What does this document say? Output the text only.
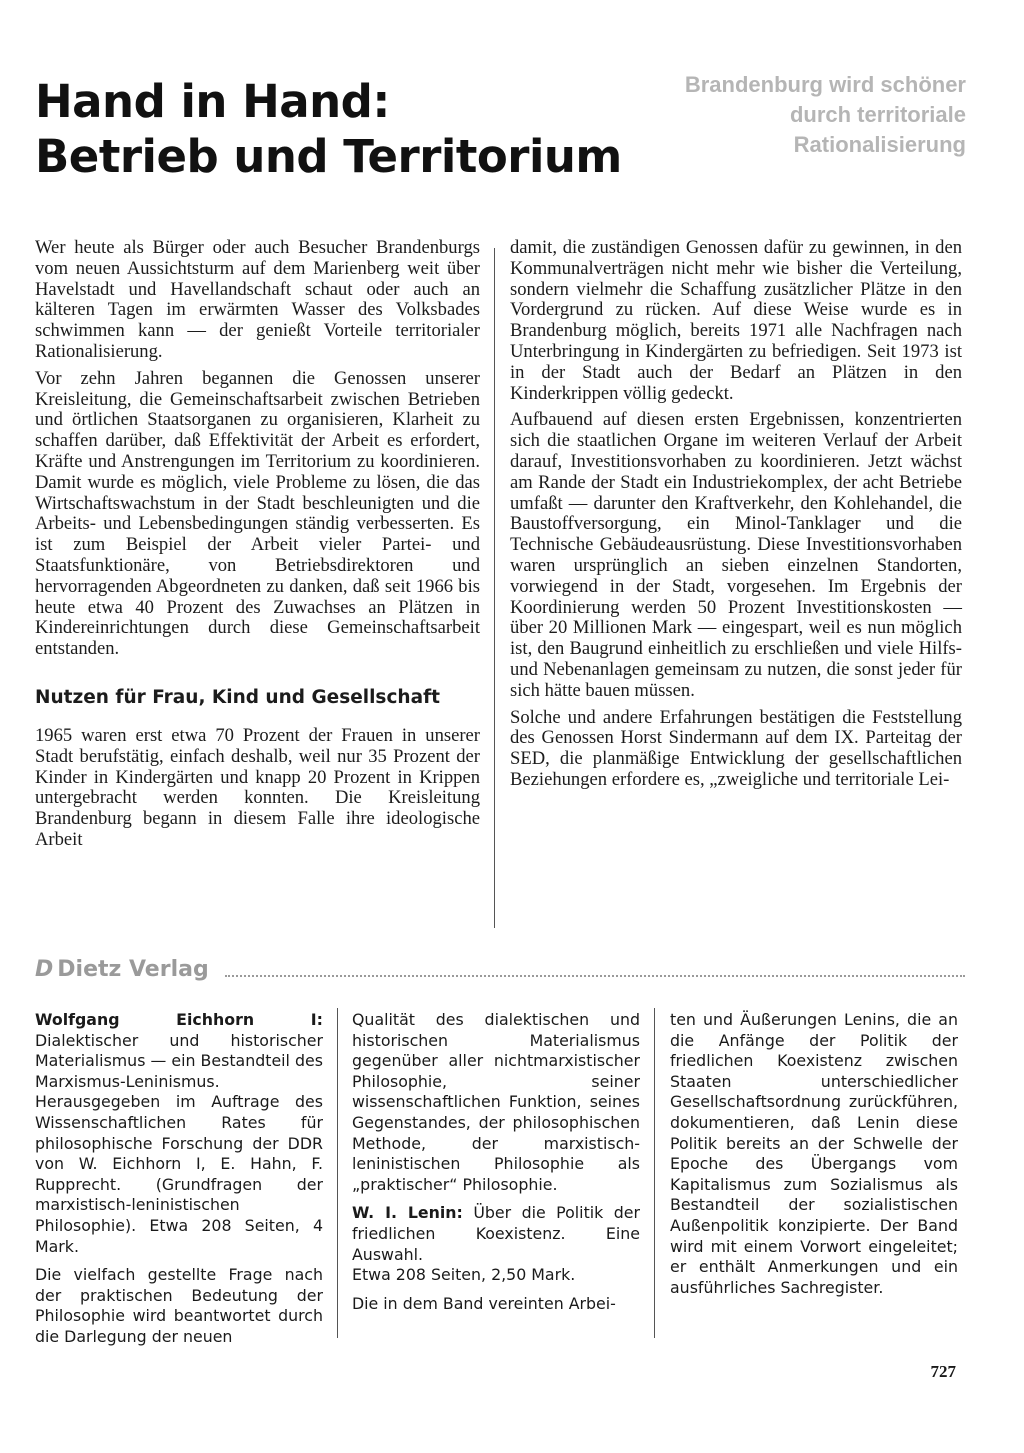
Hand in Hand:
Betrieb und Territorium
Brandenburg wird schöner
durch territoriale
Rationalisierung

Wer heute als Bürger oder auch Besucher Brandenburgs vom neuen Aussichtsturm auf dem Marienberg weit über Havelstadt und Havellandschaft schaut oder auch an kälteren Tagen im erwärmten Wasser des Volksbades schwimmen kann — der genießt Vorteile territorialer Rationalisierung.

Vor zehn Jahren begannen die Genossen unserer Kreisleitung, die Gemeinschaftsarbeit zwischen Betrieben und örtlichen Staatsorganen zu organisieren, Klarheit zu schaffen darüber, daß Effektivität der Arbeit es erfordert, Kräfte und Anstrengungen im Territorium zu koordinieren. Damit wurde es möglich, viele Probleme zu lösen, die das Wirtschaftswachstum in der Stadt beschleunigten und die Arbeits- und Lebensbedingungen ständig verbesserten. Es ist zum Beispiel der Arbeit vieler Partei- und Staatsfunktionäre, von Betriebsdirektoren und hervorragenden Abgeordneten zu danken, daß seit 1966 bis heute etwa 40 Prozent des Zuwachses an Plätzen in Kindereinrichtungen durch diese Gemeinschaftsarbeit entstanden.

Nutzen für Frau, Kind und Gesellschaft

1965 waren erst etwa 70 Prozent der Frauen in unserer Stadt berufstätig, einfach deshalb, weil nur 35 Prozent der Kinder in Kindergärten und knapp 20 Prozent in Krippen untergebracht werden konnten. Die Kreisleitung Brandenburg begann in diesem Falle ihre ideologische Arbeit

damit, die zuständigen Genossen dafür zu gewinnen, in den Kommunalverträgen nicht mehr wie bisher die Verteilung, sondern vielmehr die Schaffung zusätzlicher Plätze in den Vordergrund zu rücken. Auf diese Weise wurde es in Brandenburg möglich, bereits 1971 alle Nachfragen nach Unterbringung in Kindergärten zu befriedigen. Seit 1973 ist in der Stadt auch der Bedarf an Plätzen in den Kinderkrippen völlig gedeckt.

Aufbauend auf diesen ersten Ergebnissen, konzentrierten sich die staatlichen Organe im weiteren Verlauf der Arbeit darauf, Investitionsvorhaben zu koordinieren. Jetzt wächst am Rande der Stadt ein Industriekomplex, der acht Betriebe umfaßt — darunter den Kraftverkehr, den Kohlehandel, die Baustoffversorgung, ein Minol-Tanklager und die Technische Gebäudeausrüstung. Diese Investitionsvorhaben waren ursprünglich an sieben einzelnen Standorten, vorwiegend in der Stadt, vorgesehen. Im Ergebnis der Koordinierung werden 50 Prozent Investitionskosten — über 20 Millionen Mark — eingespart, weil es nun möglich ist, den Baugrund einheitlich zu erschließen und viele Hilfs- und Nebenanlagen gemeinsam zu nutzen, die sonst jeder für sich hätte bauen müssen.

Solche und andere Erfahrungen bestätigen die Feststellung des Genossen Horst Sindermann auf dem IX. Parteitag der SED, die planmäßige Entwicklung der gesellschaftlichen Beziehungen erfordere es, „zweigliche und territoriale Lei-

D Dietz Verlag

Wolfgang Eichhorn I: Dialektischer und historischer Materialismus — ein Bestandteil des Marxismus-Leninismus. Herausgegeben im Auftrage des Wissenschaftlichen Rates für philosophische Forschung der DDR von W. Eichhorn I, E. Hahn, F. Rupprecht. (Grundfragen der marxistisch-leninistischen Philosophie). Etwa 208 Seiten, 4 Mark.

Die vielfach gestellte Frage nach der praktischen Bedeutung der Philosophie wird beantwortet durch die Darlegung der neuen

Qualität des dialektischen und historischen Materialismus gegenüber aller nichtmarxistischer Philosophie, seiner wissenschaftlichen Funktion, seines Gegenstandes, der philosophischen Methode, der marxistisch-leninistischen Philosophie als „praktischer“ Philosophie.

W. I. Lenin: Über die Politik der friedlichen Koexistenz. Eine Auswahl.
Etwa 208 Seiten, 2,50 Mark.

Die in dem Band vereinten Arbei-

ten und Äußerungen Lenins, die an die Anfänge der Politik der friedlichen Koexistenz zwischen Staaten unterschiedlicher Gesellschaftsordnung zurückführen, dokumentieren, daß Lenin diese Politik bereits an der Schwelle der Epoche des Übergangs vom Kapitalismus zum Sozialismus als Bestandteil der sozialistischen Außenpolitik konzipierte. Der Band wird mit einem Vorwort eingeleitet; er enthält Anmerkungen und ein ausführliches Sachregister.

727
